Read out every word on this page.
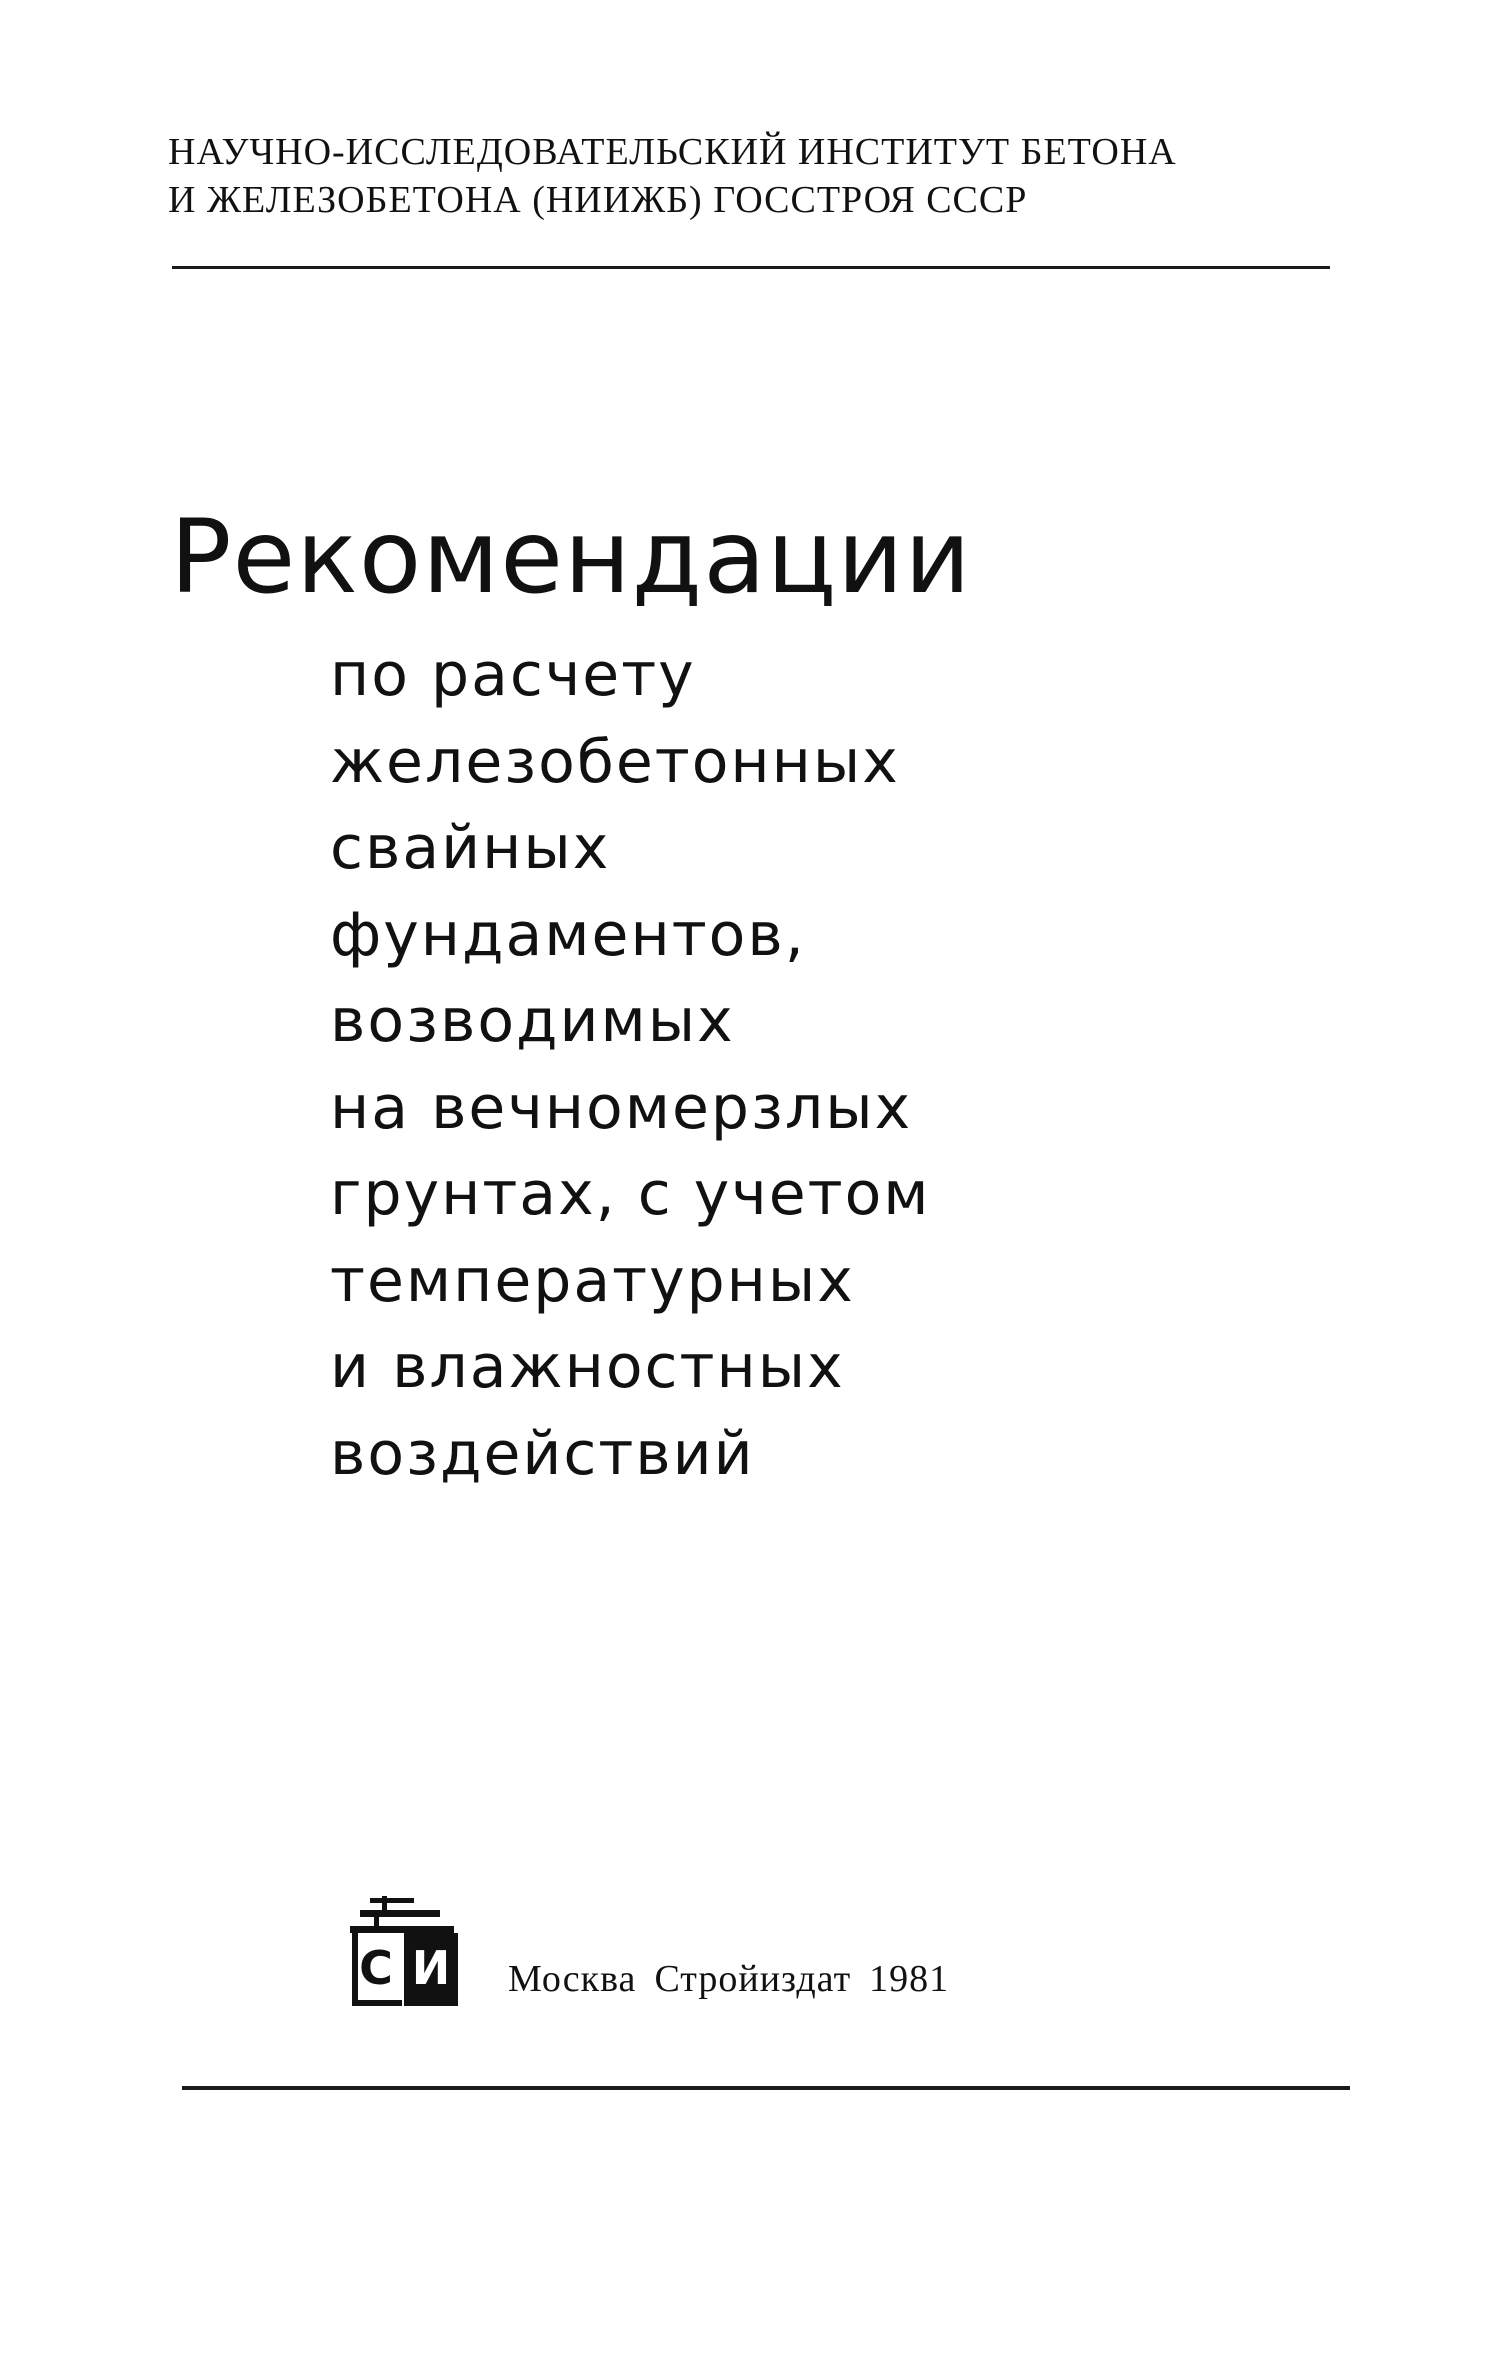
НАУЧНО-ИССЛЕДОВАТЕЛЬСКИЙ ИНСТИТУТ БЕТОНА
И ЖЕЛЕЗОБЕТОНА (НИИЖБ) ГОССТРОЯ СССР
Рекомендации
по расчету
железобетонных
свайных
фундаментов,
возводимых
на вечномерзлых
грунтах, с учетом
температурных
и влажностных
воздействий
С И Москва Стройиздат 1981
